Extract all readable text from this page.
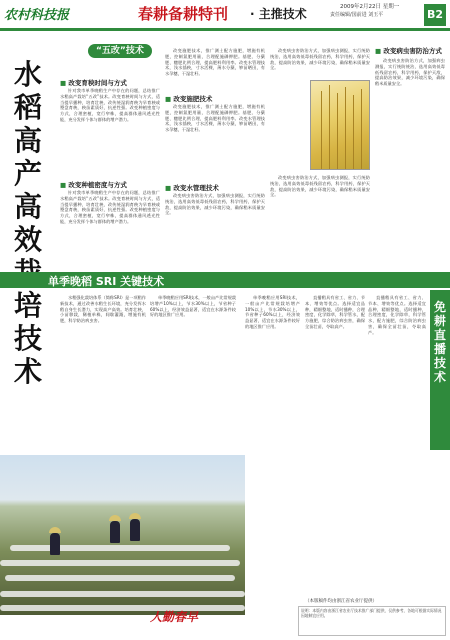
农村科技报	春耕备耕特刊 · 主推技术	2009年2月22日 星期一
责任编辑/国前进 刘玉平	B2
水稻高产高效 培技术
“五改”技术
■ 改变育秧时间与方式
■ 改变种植密度与方式
■ 改变施肥技术
■ 改变水管理技术
■ 改变病虫害防治方式

针对我市单季晚稻生产中存在的问题，总结推广水稻高产栽培“五改”技术。改变育秧时间与方式，适当提早播种，培育壮秧，改传统湿润育秧为旱育秧或塑盘育秧，秧苗素质好，抗逆性强。改变种植密度与方式，合理密植，宽行窄株，提高群体通风透光性能，充分发挥个体与群体的增产潜力。

针对我市单季晚稻生产中存在的问题，总结推广水稻高产栽培“五改”技术。改变育秧时间与方式，适当提早播种，培育壮秧，改传统湿润育秧为旱育秧或塑盘育秧，秧苗素质好，抗逆性强。改变种植密度与方式，合理密植，宽行窄株，提高群体通风透光性能，充分发挥个体与群体的增产潜力。

改变施肥技术，推广测土配方施肥，增施有机肥，控制氮肥用量，合理配施磷钾肥。基肥、分蘖肥、穗肥比例合理，提高肥料利用率。改变水管理技术，浅水插秧，寸水活棵，薄水分蘖，够苗晒田，有水孕穗，干湿壮籽。

改变施肥技术，推广测土配方施肥，增施有机肥，控制氮肥用量，合理配施磷钾肥。基肥、分蘖肥、穗肥比例合理，提高肥料利用率。改变水管理技术，浅水插秧，寸水活棵，薄水分蘖，够苗晒田，有水孕穗，干湿壮籽。

改变病虫害防治方式，加强病虫测报，实行统防统治，选用高效低毒低残留农药，科学用药，保护天敌，提高防治效果，减少环境污染，确保稻米质量安全。

改变病虫害防治方式，加强病虫测报，实行统防统治，选用高效低毒低残留农药，科学用药，保护天敌，提高防治效果，减少环境污染，确保稻米质量安全。

改变病虫害防治方式，加强病虫测报，实行统防统治，选用高效低毒低残留农药，科学用药，保护天敌，提高防治效果，减少环境污染，确保稻米质量安全。

改变病虫害防治方式，加强病虫测报，实行统防统治，选用高效低毒低残留农药，科学用药，保护天敌，提高防治效果，减少环境污染，确保稻米质量安全。

单季晚稻 SRI 关键技术

水稻强化栽培体系（简称SRI）是一项稻作新技术，通过改善水稻生长环境，充分发挥水稻自身生长潜力，实现高产高效。培育壮秧，小苗移栽，稀植单株，间歇灌溉，增施有机肥，科学防治病虫害。

单季晚稻应用SRI技术，一般亩产比常规栽培增产10%以上，节水30%以上，节省种子60%以上，经济效益显著，适宜在水源条件较好的地区推广应用。

单季晚稻应用SRI技术，一般亩产比常规栽培增产10%以上，节水30%以上，节省种子60%以上，经济效益显著，适宜在水源条件较好的地区推广应用。

直播稻具有省工、省力、节本、增效等优点。选择适宜品种，精细整地，适时播种，合理密度，化学除草，科学管水，配方施肥，综合防治病虫害，确保全苗壮苗，夺取高产。

直播稻具有省工、省力、节本、增效等优点。选择适宜品种，精细整地，适时播种，合理密度，化学除草，科学管水，配方施肥，综合防治病虫害，确保全苗壮苗，夺取高产。

免耕直播技术
人勤春早
（本版稿件均由浙江省农业厅提供）
说明：本版内容由浙江省农业厅技术推广部门提供，仅供参考，各地可根据实际情况因地制宜应用。
